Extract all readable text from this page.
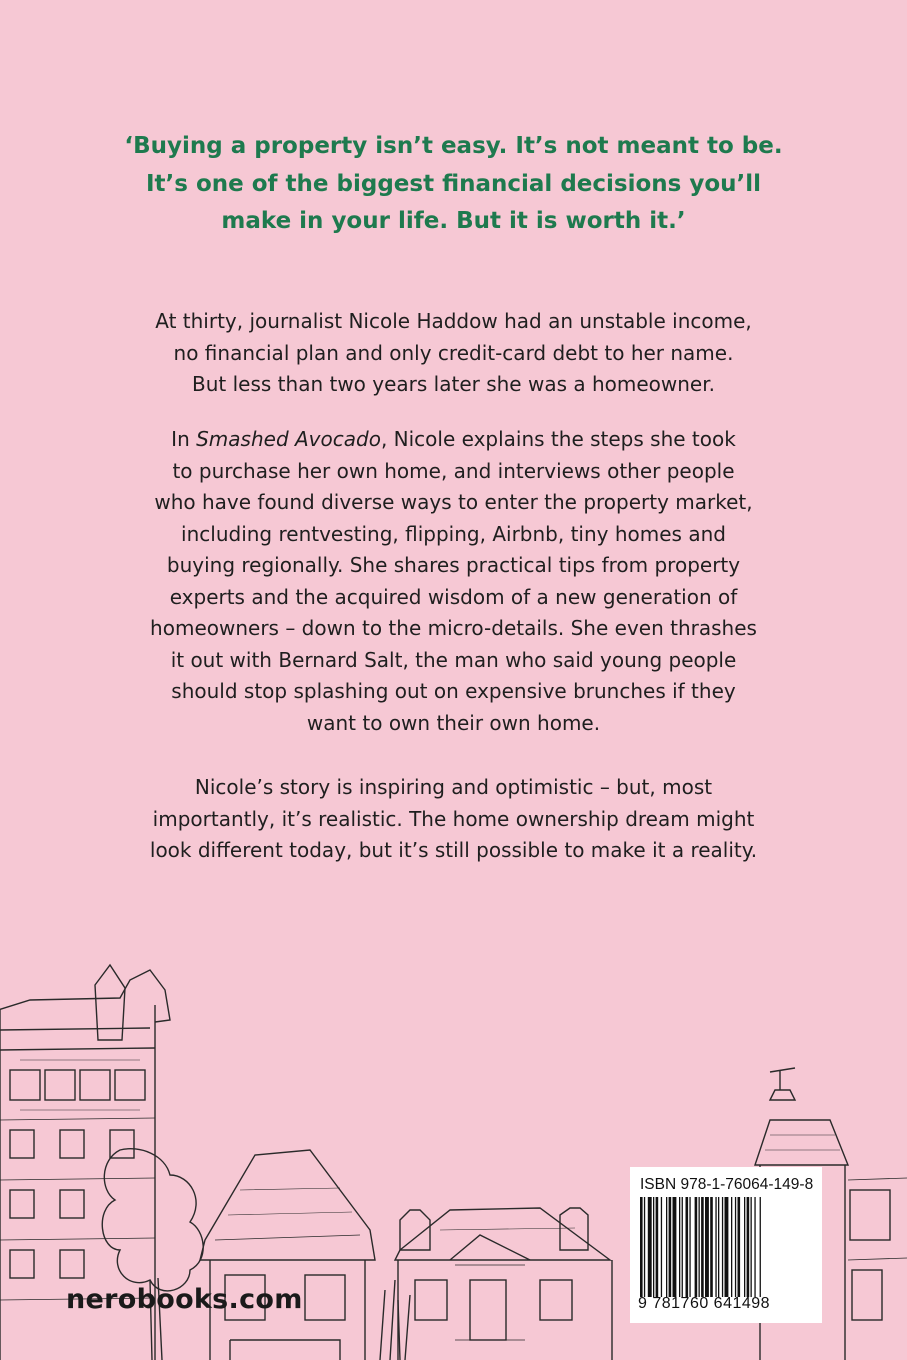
‘Buying a property isn’t easy. It’s not meant to be.
It’s one of the biggest financial decisions you’ll
make in your life. But it is worth it.’
At thirty, journalist Nicole Haddow had an unstable income,
no financial plan and only credit-card debt to her name.
But less than two years later she was a homeowner.
In Smashed Avocado, Nicole explains the steps she took
to purchase her own home, and interviews other people
who have found diverse ways to enter the property market,
including rentvesting, flipping, Airbnb, tiny homes and
buying regionally. She shares practical tips from property
experts and the acquired wisdom of a new generation of
homeowners – down to the micro-details. She even thrashes
it out with Bernard Salt, the man who said young people
should stop splashing out on expensive brunches if they
want to own their own home.
Nicole’s story is inspiring and optimistic – but, most
importantly, it’s realistic. The home ownership dream might
look different today, but it’s still possible to make it a reality.
ISBN 978-1-76064-149-8
9 781760 641498
nerobooks.com
